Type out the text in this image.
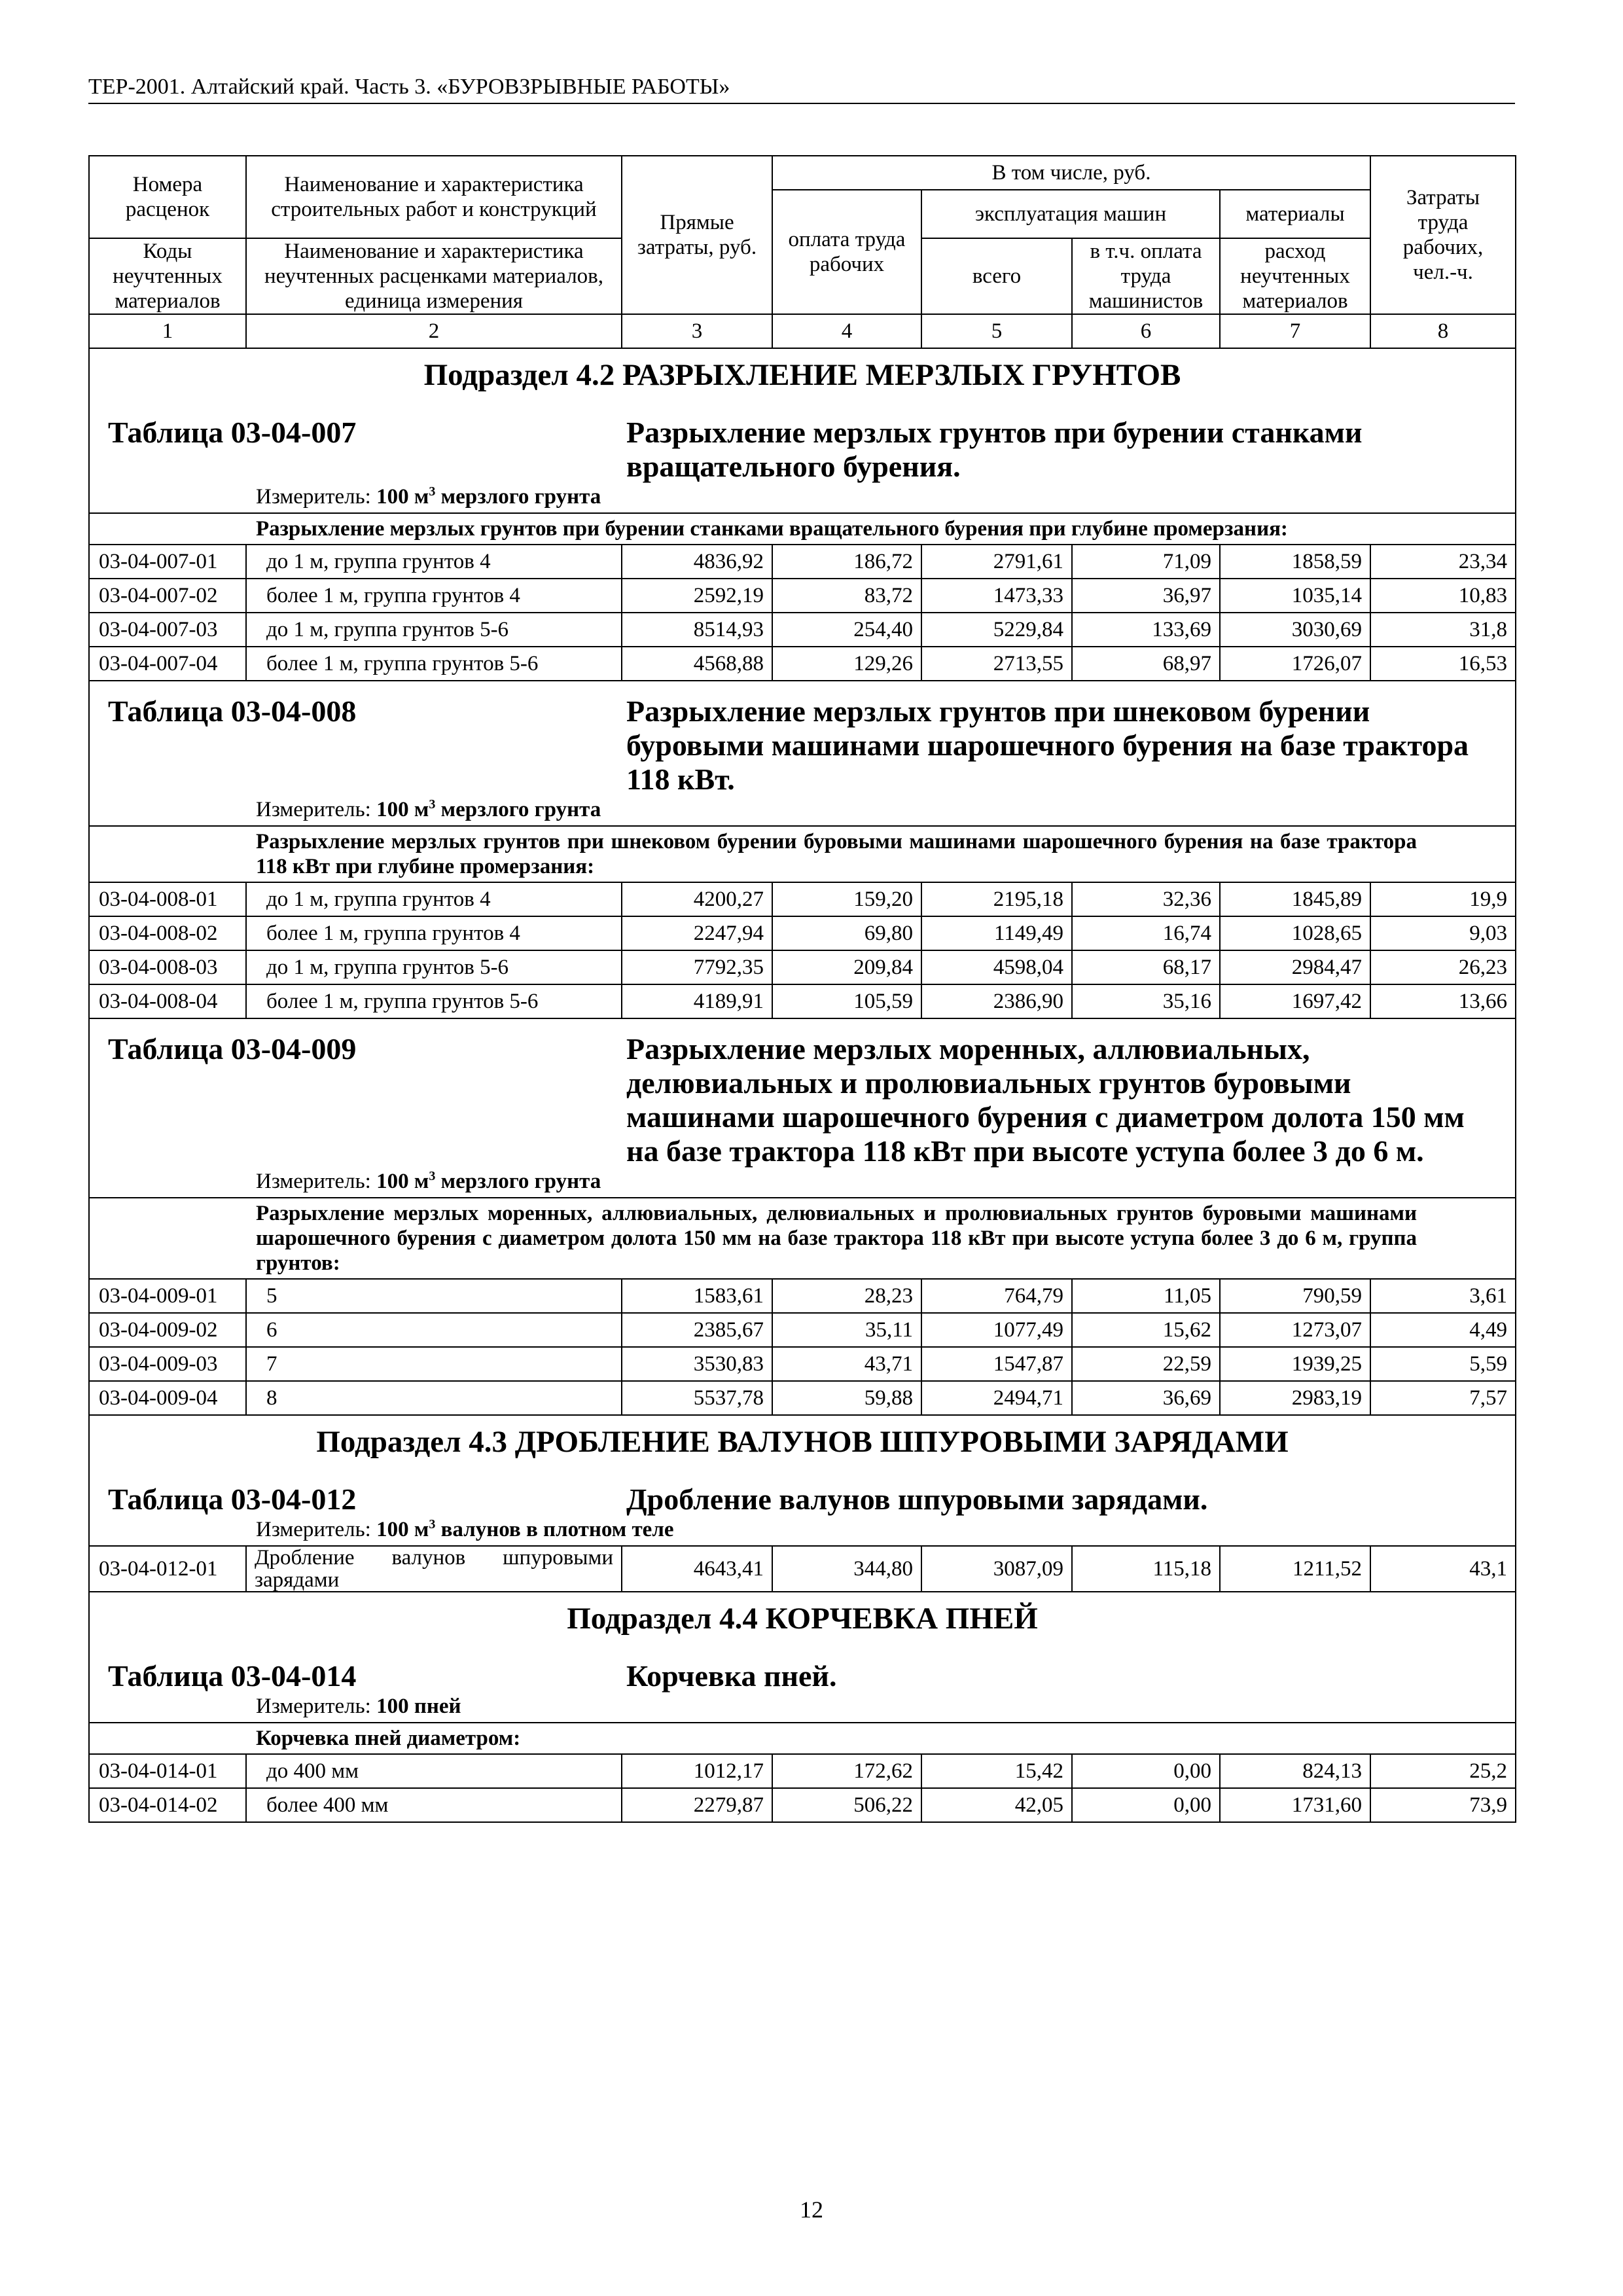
ТЕР-2001. Алтайский край. Часть 3. «БУРОВЗРЫВНЫЕ РАБОТЫ»
Номера расценок	Наименование и характеристика строительных работ и конструкций	Прямые затраты, руб.	В том числе, руб.				Затраты труда рабочих, чел.-ч.
			оплата труда рабочих	эксплуатация машин		материалы	
Коды неучтенных материалов	Наименование и характеристика неучтенных расценками материалов, единица измерения			всего	в т.ч. оплата труда машинистов	расход неучтенных материалов	

1	2	3	4	5	6	7	8

Подраздел 4.2 РАЗРЫХЛЕНИЕ МЕРЗЛЫХ ГРУНТОВ
Таблица 03-04-007 Разрыхление мерзлых грунтов при бурении станками вращательного бурения.
Измеритель: 100 $м^3$ мерзлого грунта							

Разрыхление мерзлых грунтов при бурении станками вращательного бурения при глубине промерзания:							
03-04-007-01	до 1 м, группа грунтов 4	4836,92	186,72	2791,61	71,09	1858,59	23,34
03-04-007-02	более 1 м, группа грунтов 4	2592,19	83,72	1473,33	36,97	1035,14	10,83
03-04-007-03	до 1 м, группа грунтов 5-6	8514,93	254,40	5229,84	133,69	3030,69	31,8
03-04-007-04	более 1 м, группа грунтов 5-6	4568,88	129,26	2713,55	68,97	1726,07	16,53

Таблица 03-04-008 Разрыхление мерзлых грунтов при шнековом бурении буровыми машинами шарошечного бурения на базе трактора 118 кВт.
Измеритель: 100 $м^3$ мерзлого грунта							

Разрыхление мерзлых грунтов при шнековом бурении буровыми машинами шарошечного бурения на базе трактора 118 кВт при глубине промерзания:							
03-04-008-01	до 1 м, группа грунтов 4	4200,27	159,20	2195,18	32,36	1845,89	19,9
03-04-008-02	более 1 м, группа грунтов 4	2247,94	69,80	1149,49	16,74	1028,65	9,03
03-04-008-03	до 1 м, группа грунтов 5-6	7792,35	209,84	4598,04	68,17	2984,47	26,23
03-04-008-04	более 1 м, группа грунтов 5-6	4189,91	105,59	2386,90	35,16	1697,42	13,66

Таблица 03-04-009 Разрыхление мерзлых моренных, аллювиальных, делювиальных и пролювиальных грунтов буровыми машинами шарошечного бурения с диаметром долота 150 мм на базе трактора 118 кВт при высоте уступа более 3 до 6 м.
Измеритель: 100 $м^3$ мерзлого грунта							

Разрыхление мерзлых моренных, аллювиальных, делювиальных и пролювиальных грунтов буровыми машинами шарошечного бурения с диаметром долота 150 мм на базе трактора 118 кВт при высоте уступа более 3 до 6 м, группа грунтов:							
03-04-009-01	5	1583,61	28,23	764,79	11,05	790,59	3,61
03-04-009-02	6	2385,67	35,11	1077,49	15,62	1273,07	4,49
03-04-009-03	7	3530,83	43,71	1547,87	22,59	1939,25	5,59
03-04-009-04	8	5537,78	59,88	2494,71	36,69	2983,19	7,57

Подраздел 4.3 ДРОБЛЕНИЕ ВАЛУНОВ ШПУРОВЫМИ ЗАРЯДАМИ
Таблица 03-04-012 Дробление валунов шпуровыми зарядами.
Измеритель: 100 $м^3$ валунов в плотном теле							

03-04-012-01	Дробление валунов шпуровыми зарядами	4643,41	344,80	3087,09	115,18	1211,52	43,1

Подраздел 4.4 КОРЧЕВКА ПНЕЙ
Таблица 03-04-014 Корчевка пней.
Измеритель: 100 пней							

Корчевка пней диаметром:							
03-04-014-01	до 400 мм	1012,17	172,62	15,42	0,00	824,13	25,2
03-04-014-02	более 400 мм	2279,87	506,22	42,05	0,00	1731,60	73,9
12
